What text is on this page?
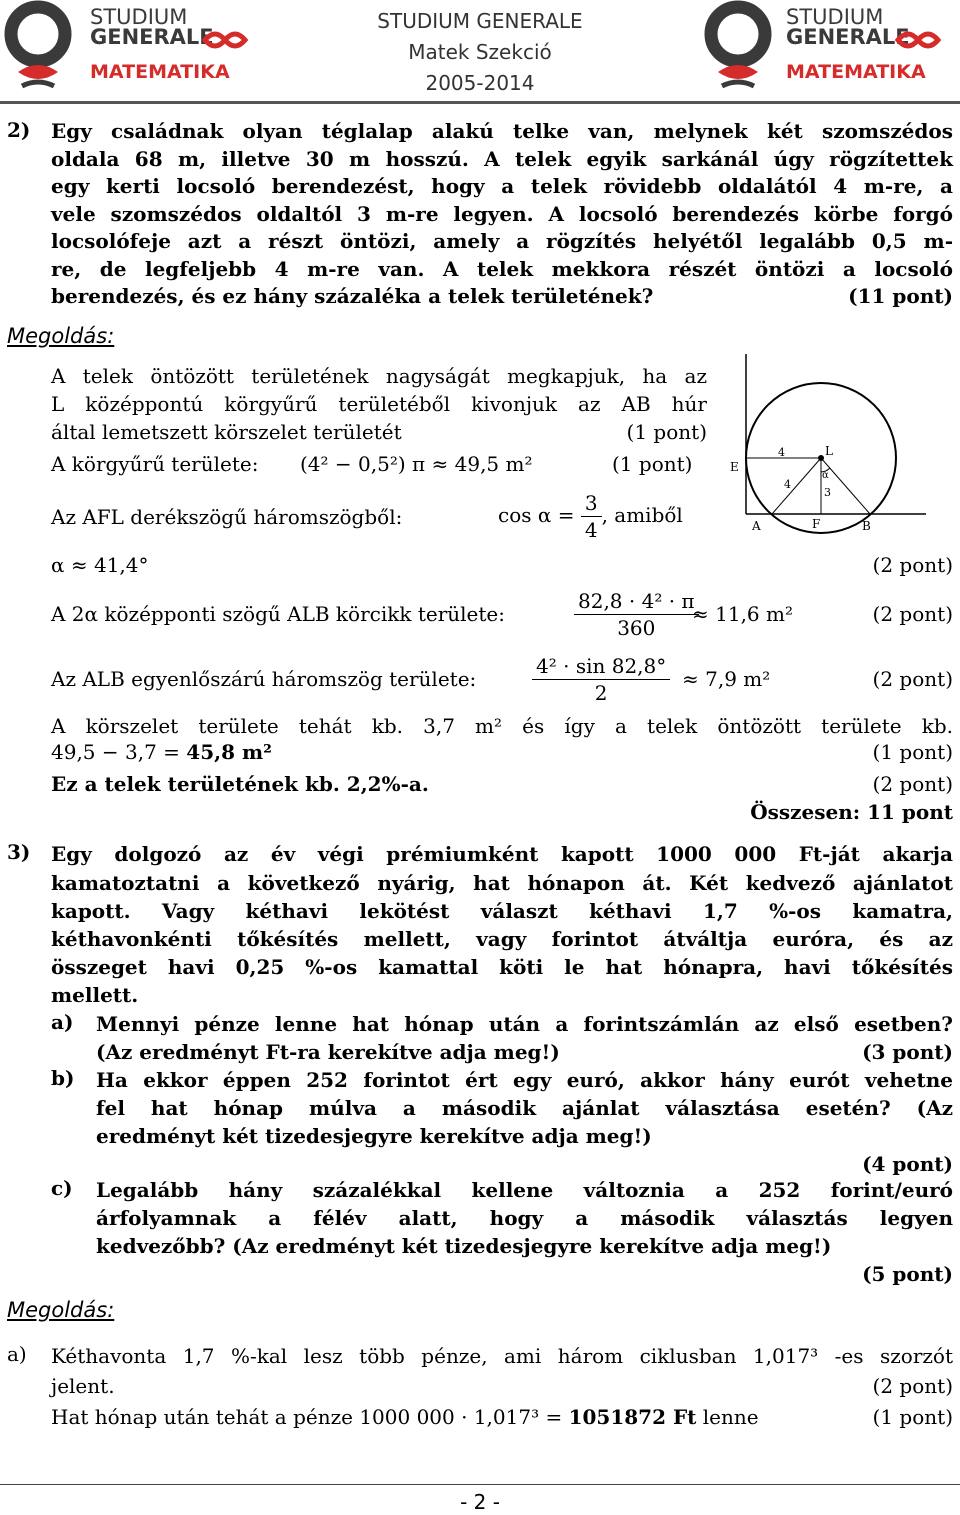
STUDIUM
GENERALE
MATEMATIKA
STUDIUM GENERALE
Matek Szekció
2005-2014
STUDIUM
GENERALE
MATEMATIKA
2) Egy családnak olyan téglalap alakú telke van, melynek két szomszédos
oldala 68 m, illetve 30 m hosszú. A telek egyik sarkánál úgy rögzítettek
egy kerti locsoló berendezést, hogy a telek rövidebb oldalától 4 m-re, a
vele szomszédos oldaltól 3 m-re legyen. A locsoló berendezés körbe forgó
locsolófeje azt a részt öntözi, amely a rögzítés helyétől legalább 0,5 m-
re, de legfeljebb 4 m-re van. A telek mekkora részét öntözi a locsoló
berendezés, és ez hány százaléka a telek területének?	(11 pont)
Megoldás:
A telek öntözött területének nagyságát megkapjuk, ha az
L középpontú körgyűrű területéből kivonjuk az AB húr
által lemetszett körszelet területét	(1 pont)
A körgyűrű területe: (4² − 0,5²) π ≈ 49,5 m²	(1 pont)
Az AFL derékszögű háromszögből:	$\cos \alpha = \frac{3}{4}$ , amiből
E
A	F	B
L
α
4
4
3
α ≈ 41,4°	(2 pont)
A 2α középponti szögű ALB körcikk területe:	$\frac{\text{82,8 · 4² · π}}{360}$
≈ 11,6 m²	(2 pont)
Az ALB egyenlőszárú háromszög területe:	$\frac{\text{4² · sin 82,8°}}{2} \approx 7,9$ m²	(2 pont)
A körszelet területe tehát kb. 3,7 m² és így a telek öntözött területe kb.
49,5 − 3,7 = 45,8 m²	(1 pont)
Ez a telek területének kb. 2,2%-a.	(2 pont)
Összesen: 11 pont
3) Egy dolgozó az év végi prémiumként kapott 1000 000 Ft-ját akarja
kamatoztatni a következő nyárig, hat hónapon át. Két kedvező ajánlatot
kapott. Vagy kéthavi lekötést választ kéthavi 1,7 %-os kamatra,
kéthavonkénti tőkésítés mellett, vagy forintot átváltja euróra, és az
összeget havi 0,25 %-os kamattal köti le hat hónapra, havi tőkésítés
mellett.
a) Mennyi pénze lenne hat hónap után a forintszámlán az első esetben?
(Az eredményt Ft-ra kerekítve adja meg!)	(3 pont)
b) Ha ekkor éppen 252 forintot ért egy euró, akkor hány eurót vehetne
fel hat hónap múlva a második ajánlat választása esetén? (Az
eredményt két tizedesjegyre kerekítve adja meg!)
(4 pont)
c) Legalább hány százalékkal kellene változnia a 252 forint/euró
árfolyamnak a félév alatt, hogy a második választás legyen
kedvezőbb? (Az eredményt két tizedesjegyre kerekítve adja meg!)
(5 pont)
Megoldás:
a) Kéthavonta 1,7 %-kal lesz több pénze, ami három ciklusban 1,017³ -es szorzót
jelent.	(2 pont)
Hat hónap után tehát a pénze 1000 000 · 1,017³ = 1051872 Ft lenne	(1 pont)
- 2 -
